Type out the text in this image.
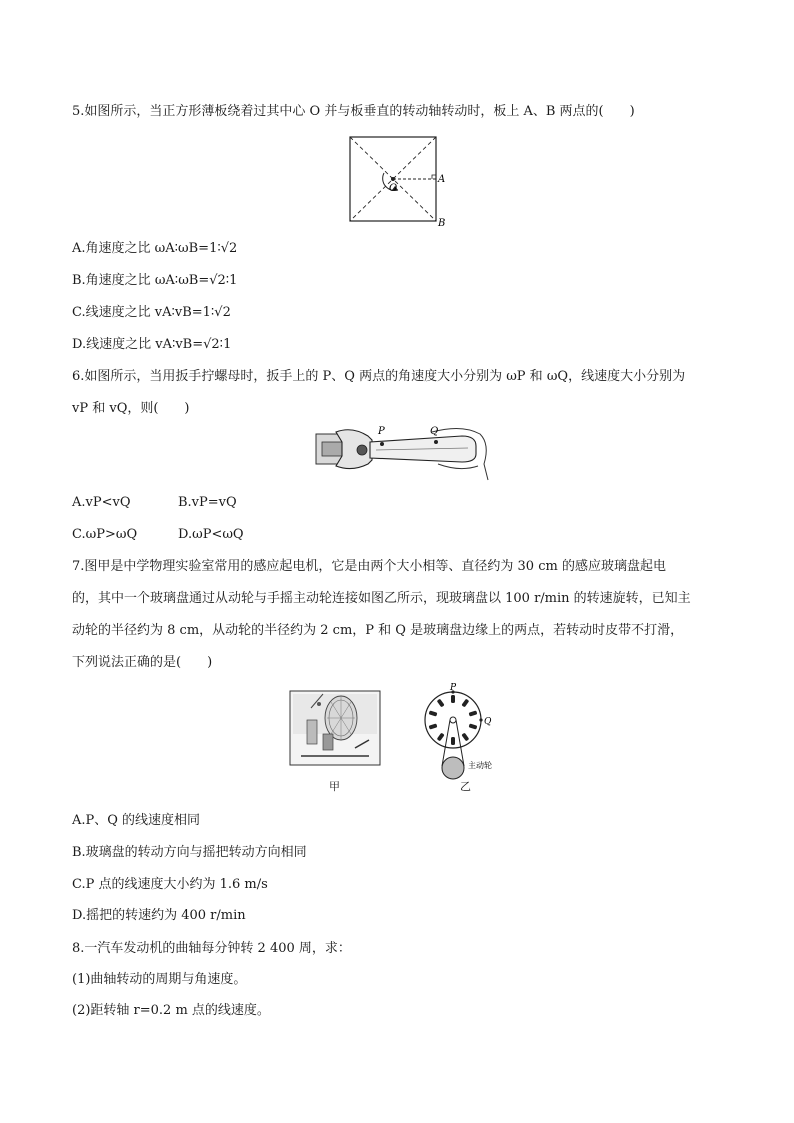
5.如图所示，当正方形薄板绕着过其中心 O 并与板垂直的转动轴转动时，板上 A、B 两点的(　　)
O
A
B
A.角速度之比 ωA∶ωB=1∶√2
B.角速度之比 ωA∶ωB=√2∶1
C.线速度之比 vA∶vB=1∶√2
D.线速度之比 vA∶vB=√2∶1
6.如图所示，当用扳手拧螺母时，扳手上的 P、Q 两点的角速度大小分别为 ωP 和 ωQ，线速度大小分别为
vP 和 vQ，则(　　)
P	Q
A.vP<vQ	B.vP=vQ
C.ωP>ωQ	D.ωP<ωQ
7.图甲是中学物理实验室常用的感应起电机，它是由两个大小相等、直径约为 30 cm 的感应玻璃盘起电
的，其中一个玻璃盘通过从动轮与手摇主动轮连接如图乙所示，现玻璃盘以 100 r/min 的转速旋转，已知主
动轮的半径约为 8 cm，从动轮的半径约为 2 cm，P 和 Q 是玻璃盘边缘上的两点，若转动时皮带不打滑，
下列说法正确的是(　　)
甲
P
Q
主动轮
乙
A.P、Q 的线速度相同
B.玻璃盘的转动方向与摇把转动方向相同
C.P 点的线速度大小约为 1.6 m/s
D.摇把的转速约为 400 r/min
8.一汽车发动机的曲轴每分钟转 2 400 周，求：
(1)曲轴转动的周期与角速度。
(2)距转轴 r=0.2 m 点的线速度。
